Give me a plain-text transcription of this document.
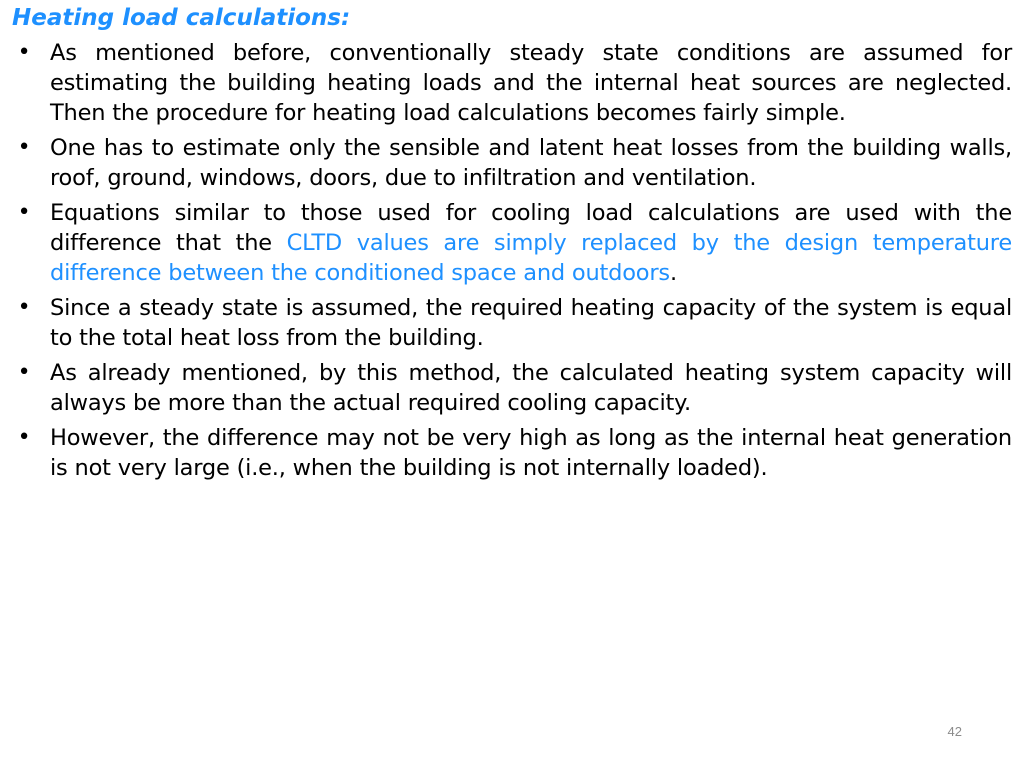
Heating load calculations:
• As mentioned before, conventionally steady state conditions are assumed for estimating the building heating loads and the internal heat sources are neglected. Then the procedure for heating load calculations becomes fairly simple.
• One has to estimate only the sensible and latent heat losses from the building walls, roof, ground, windows, doors, due to infiltration and ventilation.
• Equations similar to those used for cooling load calculations are used with the difference that the CLTD values are simply replaced by the design temperature difference between the conditioned space and outdoors.
• Since a steady state is assumed, the required heating capacity of the system is equal to the total heat loss from the building.
• As already mentioned, by this method, the calculated heating system capacity will always be more than the actual required cooling capacity.
• However, the difference may not be very high as long as the internal heat generation is not very large (i.e., when the building is not internally loaded).
42
